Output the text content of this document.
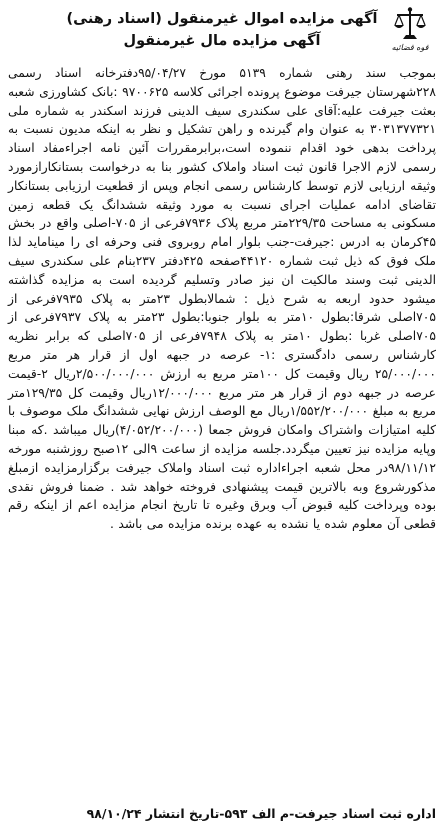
قوه قضائیه
آگهی مزایده اموال غیرمنقول (اسناد رهنی)
آگهی مزایده مال غیرمنقول

بموجب سند رهنی شماره ۵۱۳۹ مورخ ۹۵/۰۴/۲۷دفترخانه اسناد رسمی ۲۲۸شهرستان جیرفت موضوع پرونده اجرائی کلاسه ۹۷۰۰۶۲۵ :بانک کشاورزی شعبه بعثت جیرفت علیه:آقای علی سکندری سیف الدینی فرزند اسکندر به شماره ملی ۳۰۳۱۳۷۷۳۲۱ به عنوان وام گیرنده و راهن تشکیل و نظر به اینکه مدیون نسبت به پرداخت بدهی خود اقدام ننموده است،برابرمقررات آئین نامه اجراءمفاد اسناد رسمی لازم الاجرا قانون ثبت اسناد واملاک کشور بنا به درخواست بستانکارازمورد وثیقه ارزیابی لازم توسط کارشناس رسمی انجام وپس از قطعیت ارزیابی بستانکار تقاضای ادامه عملیات اجرای نسبت به مورد وثیقه ششدانگ یک قطعه زمین مسکونی به مساحت ۲۲۹/۳۵متر مربع پلاک ۷۹۳۶فرعی از ۷۰۵-اصلی واقع در بخش ۴۵کرمان به ادرس :جیرفت-جنب بلوار امام روبروی فنی وحرفه ای را میناماید لذا ملک فوق که ذیل ثبت شماره ۴۴۱۲۰صفحه ۴۲۵دفتر ۲۳۷بنام علی سکندری سیف الدینی ثبت وسند مالکیت ان نیز صادر وتسلیم گردیده است به مزایده گذاشته میشود حدود اربعه به شرح ذیل : شمالابطول ۲۳متر به پلاک ۷۹۳۵فرعی از ۷۰۵اصلی شرقا:بطول ۱۰متر به بلوار جنوبا:بطول ۲۳متر به پلاک ۷۹۳۷فرعی از ۷۰۵اصلی غربا :بطول ۱۰متر به پلاک ۷۹۴۸فرعی از ۷۰۵اصلی که برابر نظریه کارشناس رسمی دادگستری :۱- عرصه در جبهه اول از قرار هر متر مربع ۲۵/۰۰۰/۰۰۰ ریال وقیمت کل ۱۰۰متر مربع به ارزش ۲/۵۰۰/۰۰۰/۰۰۰ریال ۲-قیمت عرصه در جبهه دوم از قرار هر متر مربع ۱۲/۰۰۰/۰۰۰ریال وقیمت کل ۱۲۹/۳۵متر مربع به مبلغ ۱/۵۵۲/۲۰۰/۰۰۰ریال مع الوصف ارزش نهایی ششدانگ ملک موصوف با کلیه امتیازات واشتراک وامکان فروش جمعا (۴/۰۵۲/۲۰۰/۰۰۰)ریال میباشد .که مبنا وپایه مزایده نیز تعیین میگردد.جلسه مزایده از ساعت ۹الی ۱۲صبح روزشنبه مورخه ۹۸/۱۱/۱۲در محل شعبه اجراءاداره ثبت اسناد واملاک جیرفت برگزارمزایده ازمبلغ مذکورشروع وبه بالاترین قیمت پیشنهادی فروخته خواهد شد . ضمنا فروش نقدی بوده وپرداخت کلیه قبوض آب وبرق وغیره تا تاریخ انجام مزایده اعم از اینکه رقم قطعی آن معلوم شده یا نشده به عهده برنده مزایده می باشد .

اداره ثبت اسناد جیرفت-م الف ۵۹۳-تاریخ انتشار ۹۸/۱۰/۲۴
